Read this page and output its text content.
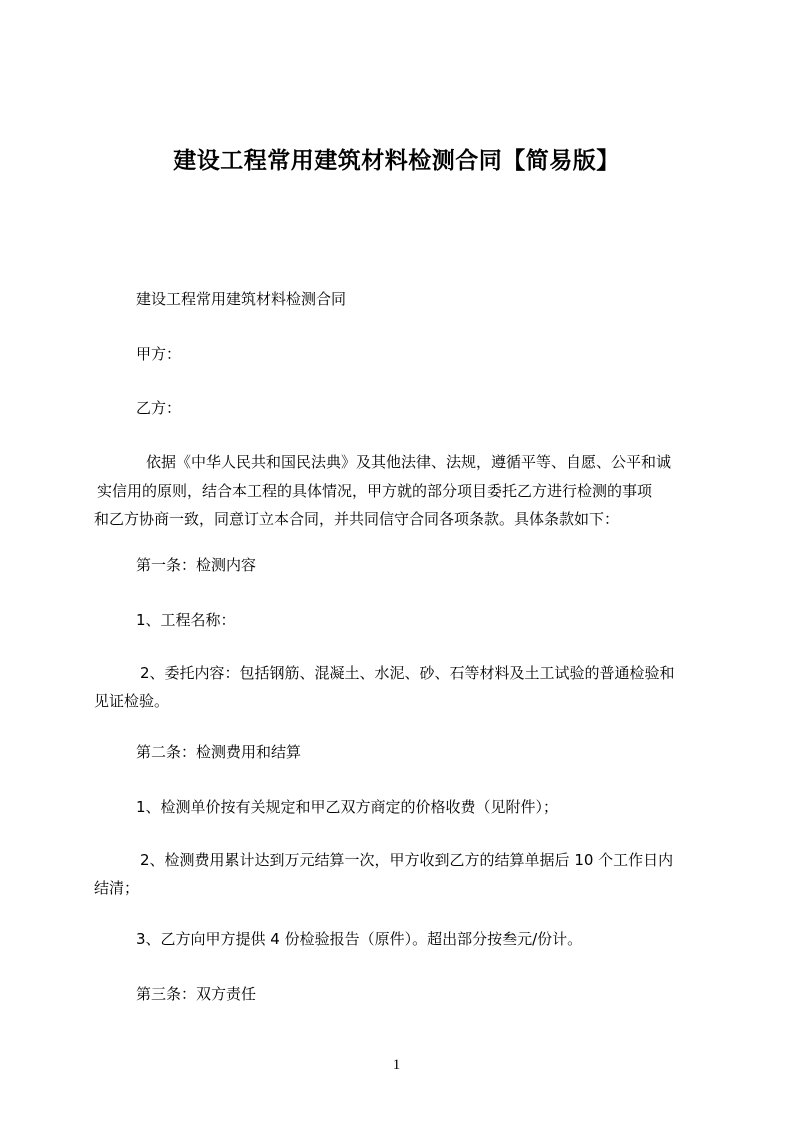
建设工程常用建筑材料检测合同【简易版】
建设工程常用建筑材料检测合同
甲方：
乙方：
依据《中华人民共和国民法典》及其他法律、法规，遵循平等、自愿、公平和诚
实信用的原则，结合本工程的具体情况，甲方就的部分项目委托乙方进行检测的事项
和乙方协商一致，同意订立本合同，并共同信守合同各项条款。具体条款如下：
第一条：检测内容
1、工程名称：
2、委托内容：包括钢筋、混凝土、水泥、砂、石等材料及土工试验的普通检验和
见证检验。
第二条：检测费用和结算
1、检测单价按有关规定和甲乙双方商定的价格收费（见附件）；
2、检测费用累计达到万元结算一次，甲方收到乙方的结算单据后 10 个工作日内
结清；
3、乙方向甲方提供 4 份检验报告（原件）。超出部分按叁元/份计。
第三条：双方责任
1
